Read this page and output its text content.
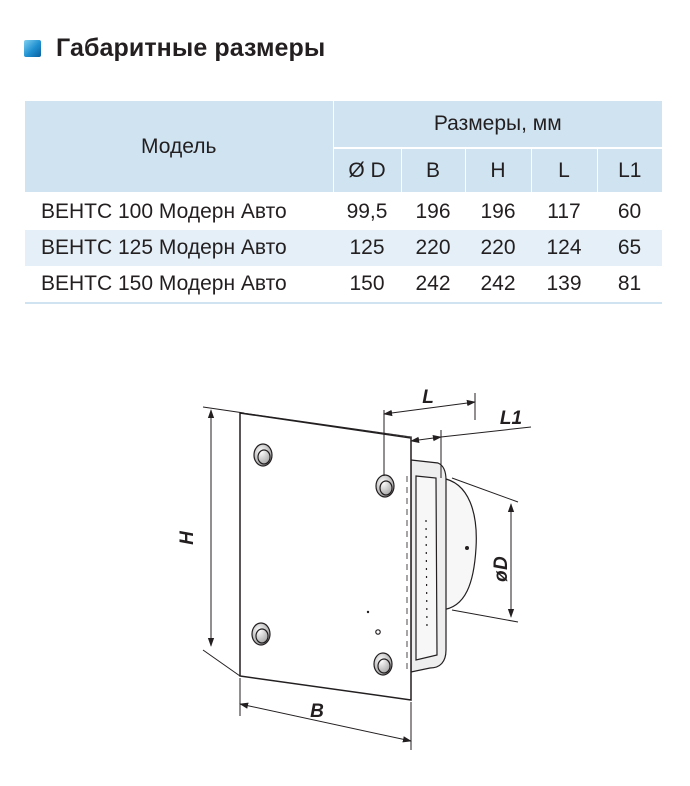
Габаритные размеры
Модель	Размеры, мм				
	Ø D	B	H	L	L1
ВЕНТС 100 Модерн Авто	99,5	196	196	117	60
ВЕНТС 125 Модерн Авто	125	220	220	124	65
ВЕНТС 150 Модерн Авто	150	242	242	139	81
H
B
L
L1
ø
D
